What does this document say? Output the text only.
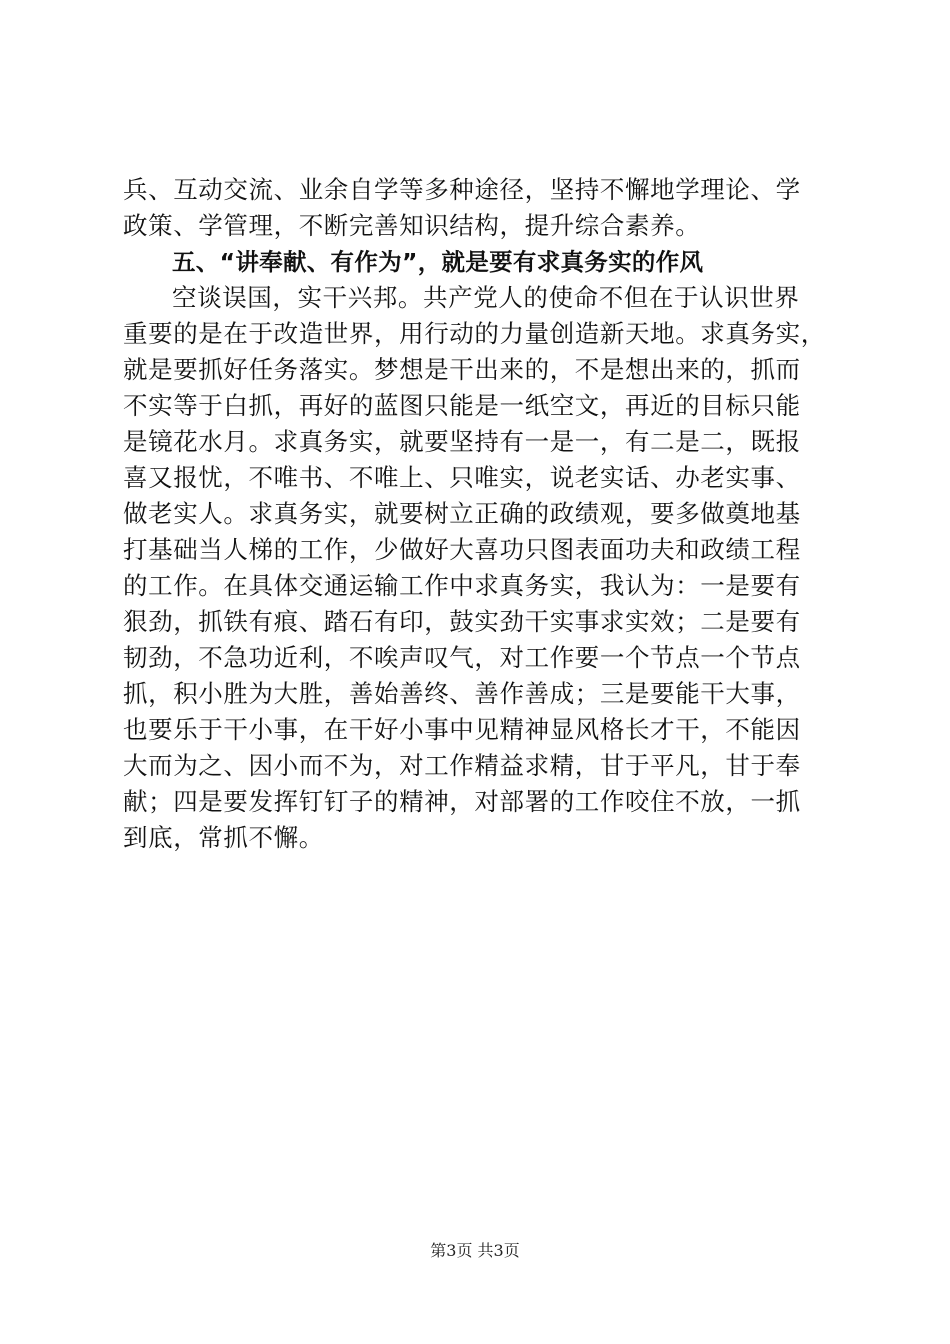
兵、互动交流、业余自学等多种途径，坚持不懈地学理论、学
政策、学管理，不断完善知识结构，提升综合素养。
五、“讲奉献、有作为”，就是要有求真务实的作风
空谈误国，实干兴邦。共产党人的使命不但在于认识世界
重要的是在于改造世界，用行动的力量创造新天地。求真务实，
就是要抓好任务落实。梦想是干出来的，不是想出来的，抓而
不实等于白抓，再好的蓝图只能是一纸空文，再近的目标只能
是镜花水月。求真务实，就要坚持有一是一，有二是二，既报
喜又报忧，不唯书、不唯上、只唯实，说老实话、办老实事、
做老实人。求真务实，就要树立正确的政绩观，要多做奠地基
打基础当人梯的工作，少做好大喜功只图表面功夫和政绩工程
的工作。在具体交通运输工作中求真务实，我认为：一是要有
狠劲，抓铁有痕、踏石有印，鼓实劲干实事求实效；二是要有
韧劲，不急功近利，不唉声叹气，对工作要一个节点一个节点
抓，积小胜为大胜，善始善终、善作善成；三是要能干大事，
也要乐于干小事，在干好小事中见精神显风格长才干，不能因
大而为之、因小而不为，对工作精益求精，甘于平凡，甘于奉
献；四是要发挥钉钉子的精神，对部署的工作咬住不放，一抓
到底，常抓不懈。
第3页 共3页
